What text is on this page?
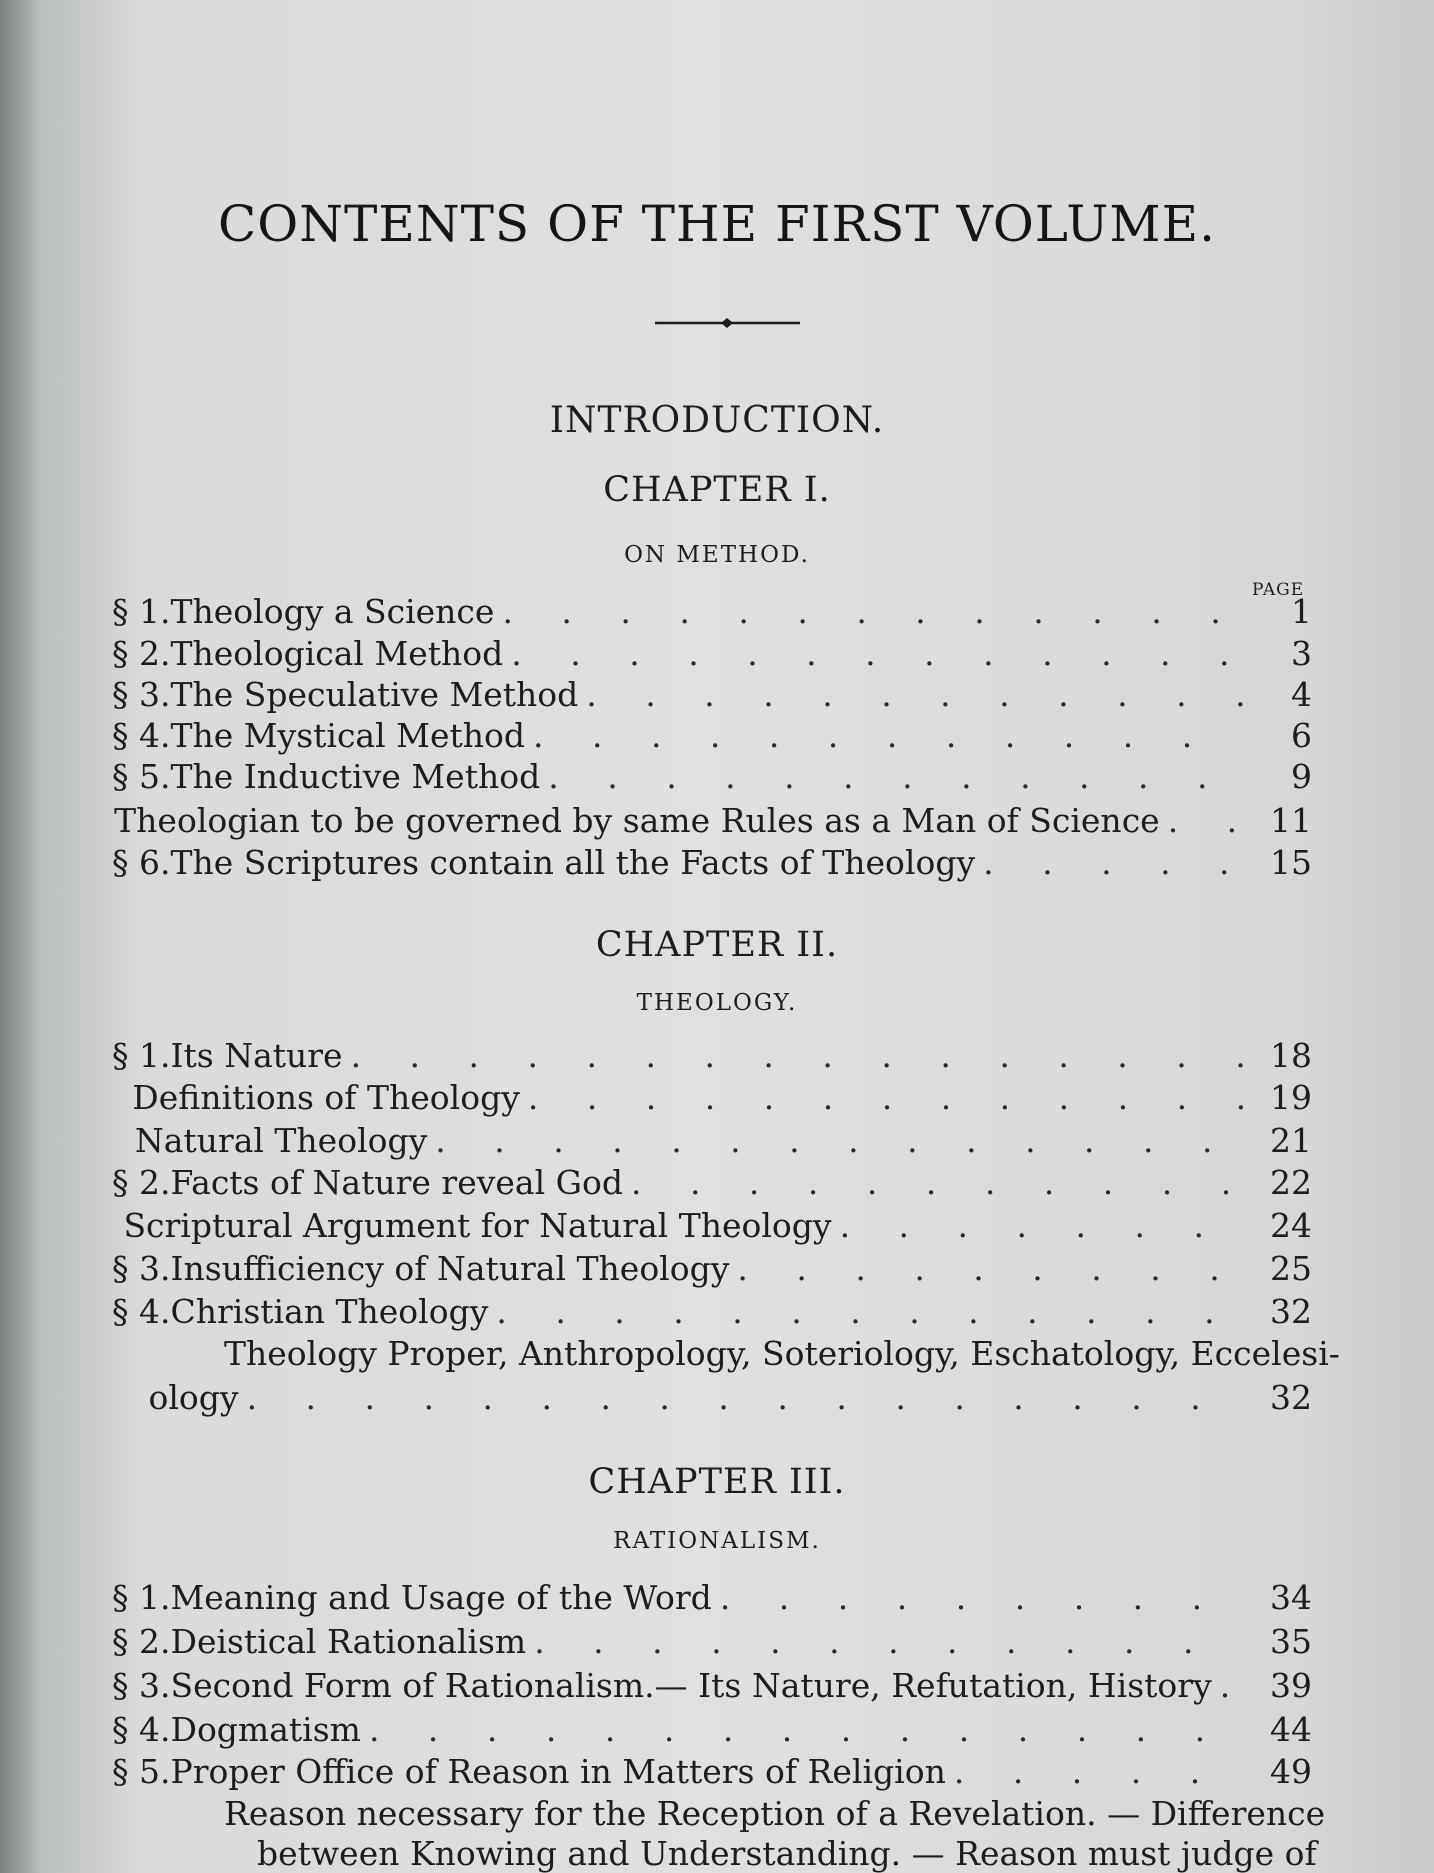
CONTENTS OF THE FIRST VOLUME.
INTRODUCTION.
CHAPTER I.
ON METHOD.
PAGE
§ 1. Theology a Science . . .	1
§ 2. Theological Method . . .	3
§ 3. The Speculative Method . . .	4
§ 4. The Mystical Method . . .	6
§ 5. The Inductive Method . . .	9
Theologian to be governed by same Rules as a Man of Science . . .	11
§ 6. The Scriptures contain all the Facts of Theology . . .	15
CHAPTER II.
THEOLOGY.
§ 1. Its Nature . . .	18
Definitions of Theology . . .	19
Natural Theology . . .	21
§ 2. Facts of Nature reveal God . . .	22
Scriptural Argument for Natural Theology . . .	24
§ 3. Insufficiency of Natural Theology . . .	25
§ 4. Christian Theology . . .	32
Theology Proper, Anthropology, Soteriology, Eschatology, Eccelesi-
ology . . .	32
CHAPTER III.
RATIONALISM.
§ 1. Meaning and Usage of the Word . . .	34
§ 2. Deistical Rationalism . . .	35
§ 3. Second Form of Rationalism.— Its Nature, Refutation, History . . .	39
§ 4. Dogmatism . . .	44
§ 5. Proper Office of Reason in Matters of Religion . . .	49
Reason necessary for the Reception of a Revelation. — Difference
between Knowing and Understanding. — Reason must judge of
